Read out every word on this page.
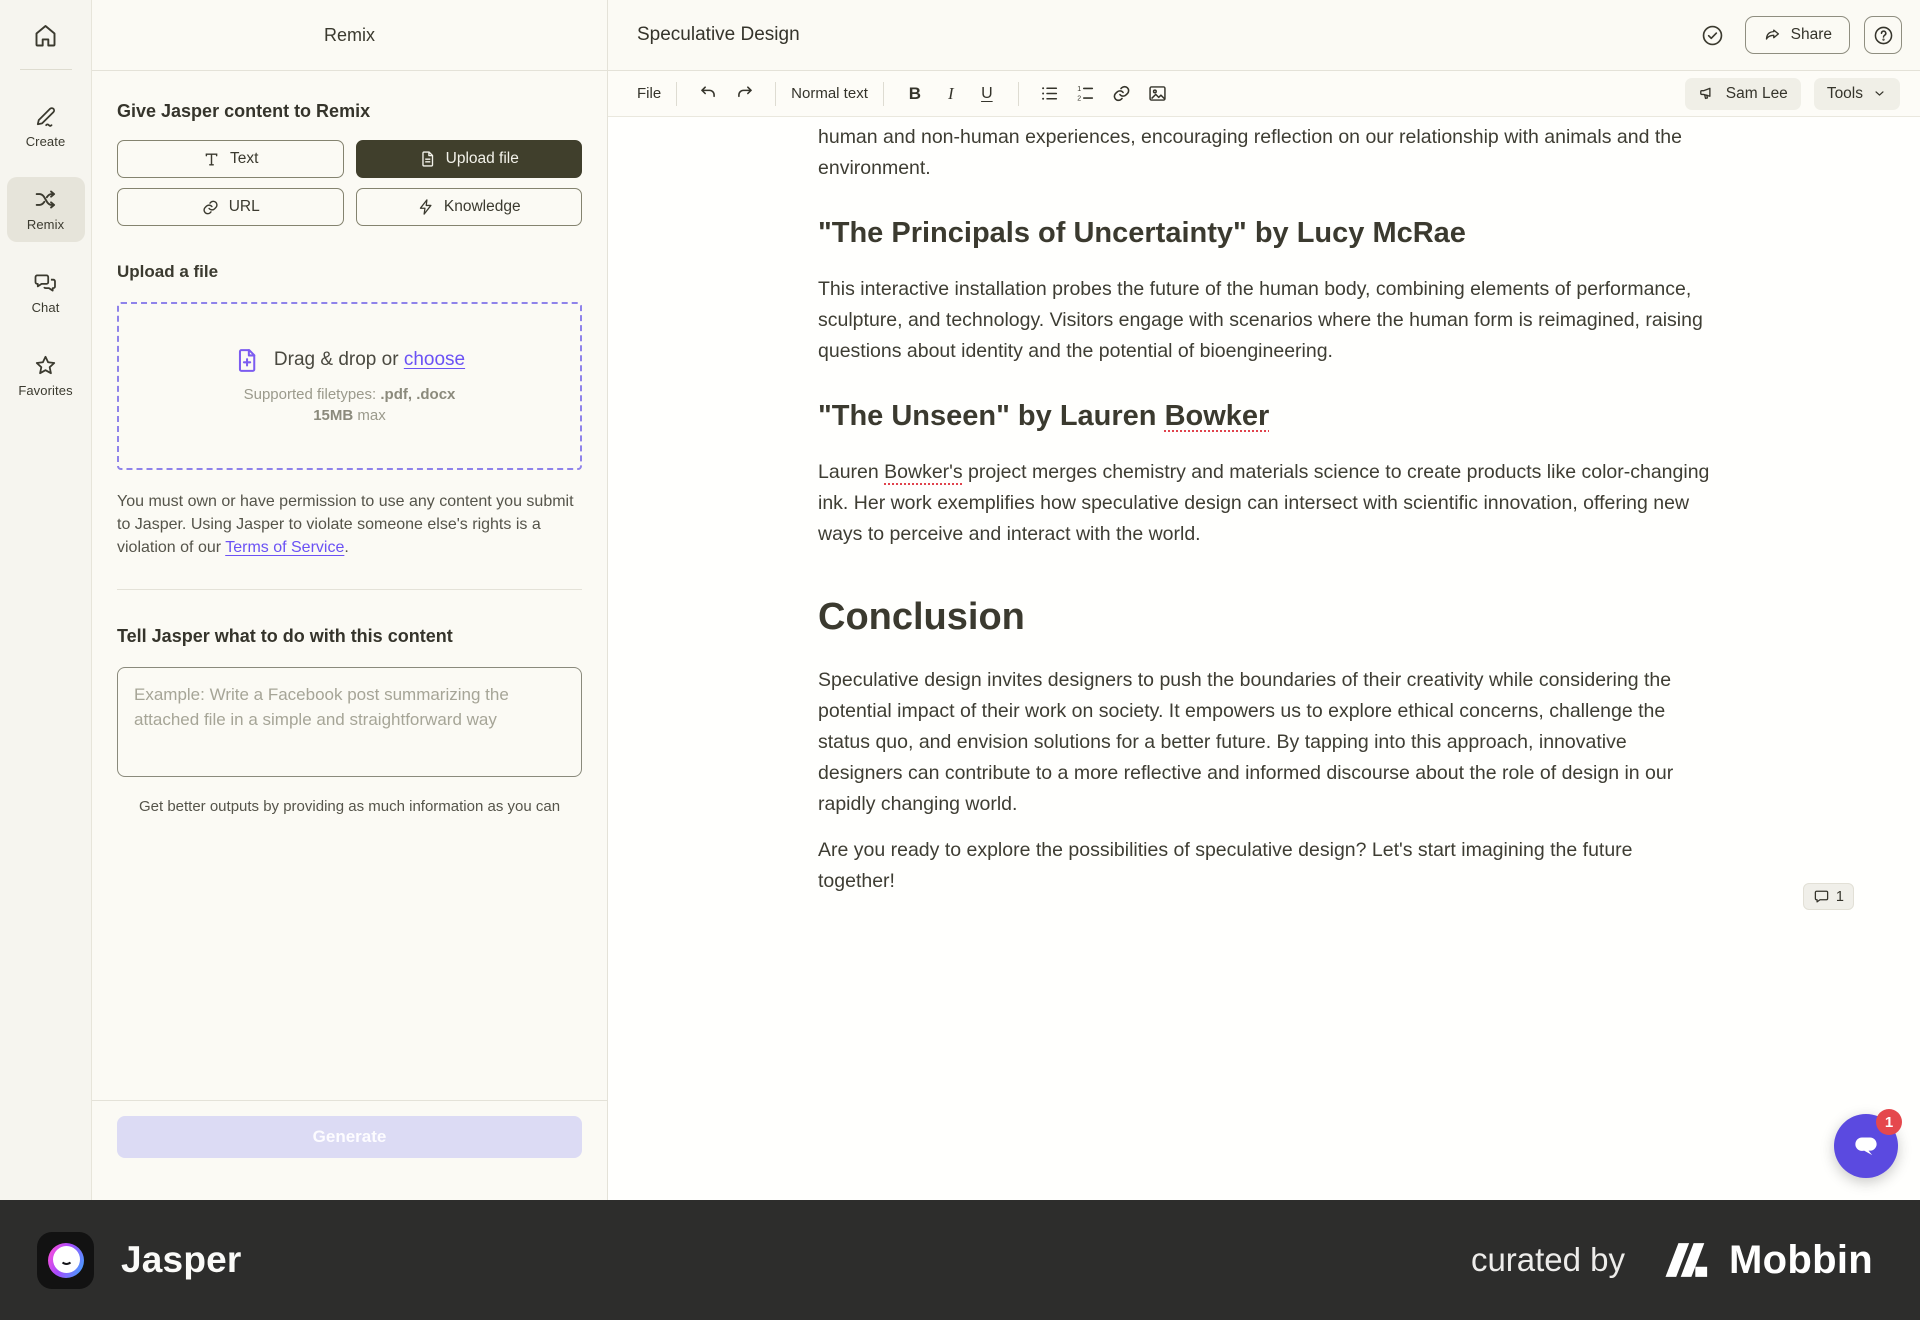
Create
Remix
Chat
Favorites
Remix
Give Jasper content to Remix
Text	Upload file
URL	Knowledge
Upload a file
Drag & drop or choose
Supported filetypes: .pdf, .docx
15MB max

You must own or have permission to use any content you submit to Jasper. Using Jasper to violate someone else's rights is a violation of our Terms of Service.

Tell Jasper what to do with this content
Example: Write a Facebook post summarizing the attached file in a simple and straightforward way

Get better outputs by providing as much information as you can

Generate
Speculative Design	Share
File	Normal text	B	I	U	1
2	Sam Lee	Tools

human and non-human experiences, encouraging reflection on our relationship with animals and the environment.

"The Principals of Uncertainty" by Lucy McRae

This interactive installation probes the future of the human body, combining elements of performance, sculpture, and technology. Visitors engage with scenarios where the human form is reimagined, raising questions about identity and the potential of bioengineering.

"The Unseen" by Lauren Bowker

Lauren Bowker's project merges chemistry and materials science to create products like color-changing ink. Her work exemplifies how speculative design can intersect with scientific innovation, offering new ways to perceive and interact with the world.

Conclusion

Speculative design invites designers to push the boundaries of their creativity while considering the potential impact of their work on society. It empowers us to explore ethical concerns, challenge the status quo, and envision solutions for a better future. By tapping into this approach, innovative designers can contribute to a more reflective and informed discourse about the role of design in our rapidly changing world.

Are you ready to explore the possibilities of speculative design? Let's start imagining the future together!

1
Jasper	curated by	Mobbin
1
